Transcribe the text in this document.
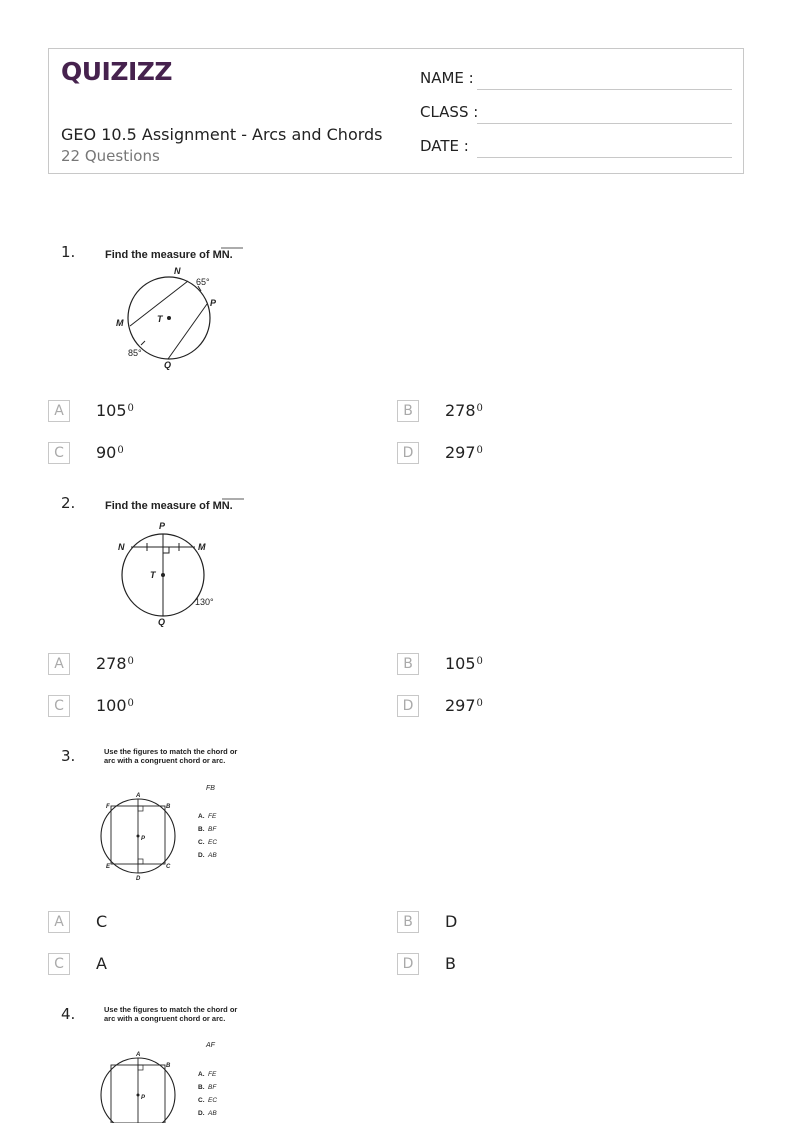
QUIZIZZ
GEO 10.5 Assignment - Arcs and Chords
22 Questions
NAME :
CLASS :
DATE :
1.	Find the measure of MN.
N
P
M	T
Q
65°
85°
A	$105^0$	B	$278^0$
C	$90^0$	D	$297^0$
2.	Find the measure of MN.
P
N	M
T
Q
130°
A	$278^0$	B	$105^0$
C	$100^0$	D	$297^0$
3.	Use the figures to match the chord or
arc with a congruent chord or arc.
FB
A
B
C
D
E
F
P
A. FE
B. BF
C. EC
D. AB
A	C	B	D
C	A	D	B
4.	Use the figures to match the chord or
arc with a congruent chord or arc.
AF
A
B
P
A. FE
B. BF
C. EC
D. AB
